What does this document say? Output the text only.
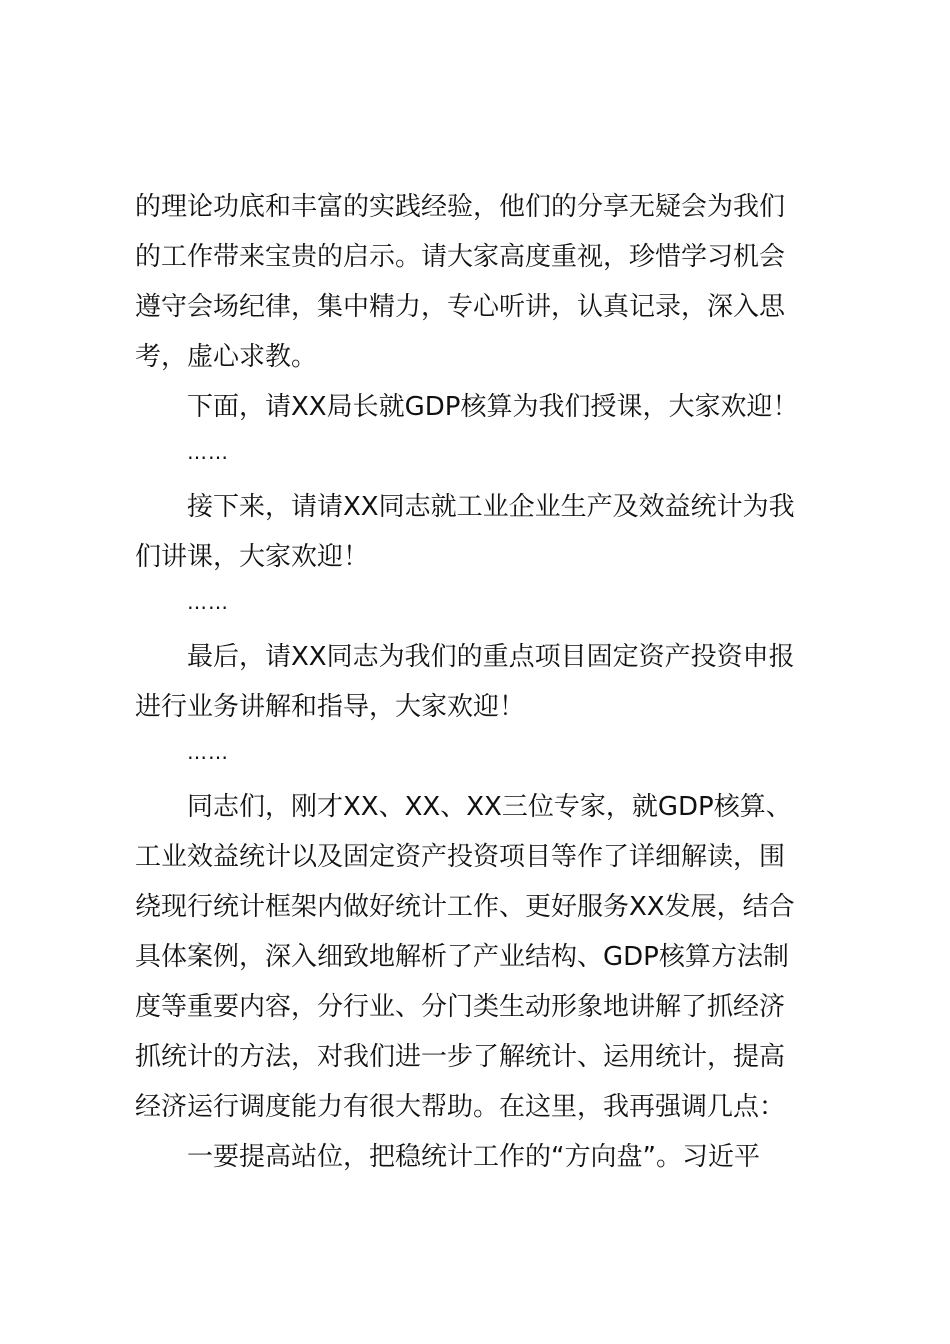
的理论功底和丰富的实践经验，他们的分享无疑会为我们
的工作带来宝贵的启示。请大家高度重视，珍惜学习机会
遵守会场纪律，集中精力，专心听讲，认真记录，深入思
考，虚心求教。
下面，请XX局长就GDP核算为我们授课，大家欢迎！
……
接下来，请请XX同志就工业企业生产及效益统计为我
们讲课，大家欢迎！
……
最后，请XX同志为我们的重点项目固定资产投资申报
进行业务讲解和指导，大家欢迎！
……
同志们，刚才XX、XX、XX三位专家，就GDP核算、
工业效益统计以及固定资产投资项目等作了详细解读，围
绕现行统计框架内做好统计工作、更好服务XX发展，结合
具体案例，深入细致地解析了产业结构、GDP核算方法制
度等重要内容，分行业、分门类生动形象地讲解了抓经济
抓统计的方法，对我们进一步了解统计、运用统计，提高
经济运行调度能力有很大帮助。在这里，我再强调几点：
一要提高站位，把稳统计工作的“方向盘”。习近平
